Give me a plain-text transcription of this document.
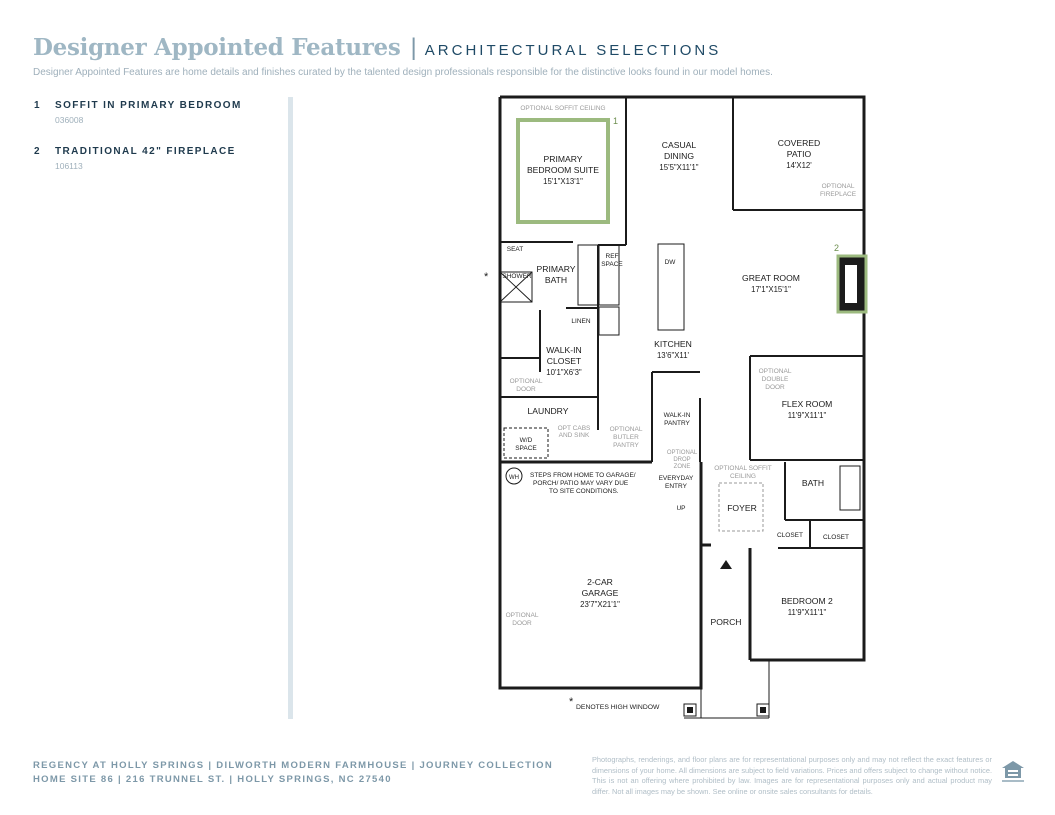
Designer Appointed Features | ARCHITECTURAL SELECTIONS
Designer Appointed Features are home details and finishes curated by the talented design professionals responsible for the distinctive looks found in our model homes.
1 SOFFIT IN PRIMARY BEDROOM
036008
2 TRADITIONAL 42" FIREPLACE
106113
1
2
OPTIONAL SOFFIT CEILING
PRIMARY
BEDROOM SUITE
15'1"X13'1"
CASUAL
DINING
15'5"X11'1"
COVERED
PATIO
14'X12'
OPTIONAL
FIREPLACE
GREAT ROOM
17'1"X15'1"
KITCHEN
13'6"X11'
DW
PRIMARY
BATH
SEAT
SHOWER
REF
SPACE
LINEN
WALK-IN
CLOSET
10'1"X6'3"
OPTIONAL
DOOR
LAUNDRY
W/D
SPACE
OPT CABS
AND SINK
OPTIONAL
BUTLER
PANTRY
WALK-IN
PANTRY
OPTIONAL
DOUBLE
DOOR
FLEX ROOM
11'9"X11'1"
OPTIONAL
DROP
ZONE	OPTIONAL SOFFIT
CEILING
BATH
EVERYDAY
ENTRY
UP	FOYER
CLOSET	CLOSET
2-CAR
GARAGE
23'7"X21'1"
OPTIONAL
DOOR	PORCH
BEDROOM 2
11'9"X11'1"
WH STEPS FROM HOME TO GARAGE/
PORCH/ PATIO MAY VARY DUE
TO SITE CONDITIONS.
*
* DENOTES HIGH WINDOW
REGENCY AT HOLLY SPRINGS | DILWORTH MODERN FARMHOUSE | JOURNEY COLLECTION
HOME SITE 86 | 216 TRUNNEL ST. | HOLLY SPRINGS, NC 27540
Photographs, renderings, and floor plans are for representational purposes only and may not reflect the exact features or dimensions of your home. All dimensions are subject to field variations. Prices and offers subject to change without notice. This is not an offering where prohibited by law. Images are for representational purposes only and actual product may differ. Not all images may be shown. See online or onsite sales consultants for details.
